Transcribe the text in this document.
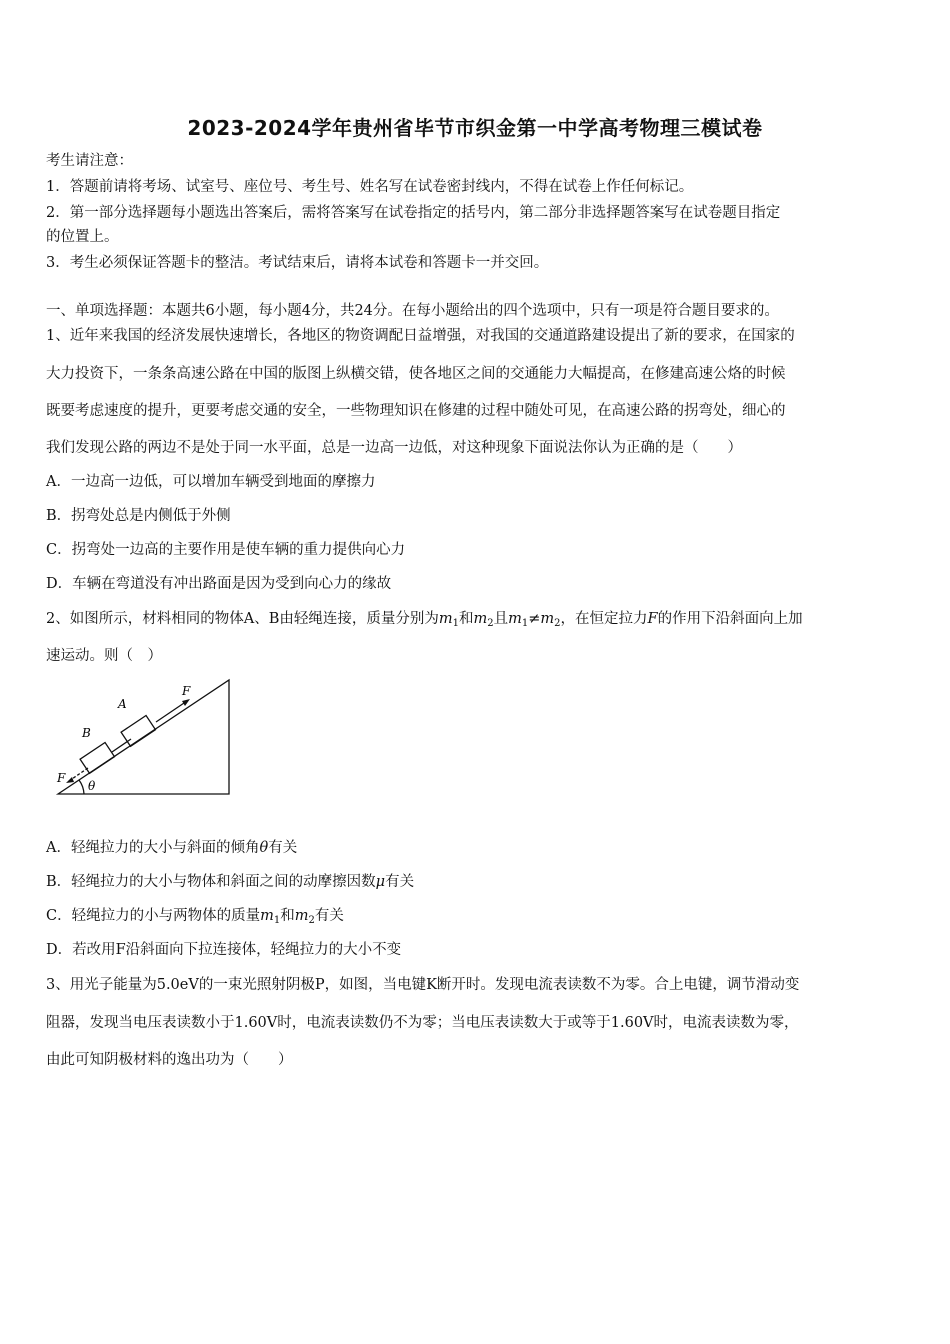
2023-2024学年贵州省毕节市织金第一中学高考物理三模试卷
考生请注意：
1．答题前请将考场、试室号、座位号、考生号、姓名写在试卷密封线内，不得在试卷上作任何标记。
2．第一部分选择题每小题选出答案后，需将答案写在试卷指定的括号内，第二部分非选择题答案写在试卷题目指定
的位置上。
3．考生必须保证答题卡的整洁。考试结束后，请将本试卷和答题卡一并交回。
一、单项选择题：本题共6小题，每小题4分，共24分。在每小题给出的四个选项中，只有一项是符合题目要求的。
1、近年来我国的经济发展快速增长，各地区的物资调配日益增强，对我国的交通道路建设提出了新的要求，在国家的
大力投资下，一条条高速公路在中国的版图上纵横交错，使各地区之间的交通能力大幅提高，在修建高速公烙的时候
既要考虑速度的提升，更要考虑交通的安全，一些物理知识在修建的过程中随处可见，在高速公路的拐弯处，细心的
我们发现公路的两边不是处于同一水平面，总是一边高一边低，对这种现象下面说法你认为正确的是（　　）
A．一边高一边低，可以增加车辆受到地面的摩擦力
B．拐弯处总是内侧低于外侧
C．拐弯处一边高的主要作用是使车辆的重力提供向心力
D．车辆在弯道没有冲出路面是因为受到向心力的缘故
2、如图所示，材料相同的物体A、B由轻绳连接，质量分别为$m_1$和$m_2$且$m_1\ne m_2$，在恒定拉力F的作用下沿斜面向上加
速运动。则（　）
A
B
F
F
θ
A．轻绳拉力的大小与斜面的倾角θ有关
B．轻绳拉力的大小与物体和斜面之间的动摩擦因数μ有关
C．轻绳拉力的小与两物体的质量$m_1$和$m_2$有关
D．若改用F沿斜面向下拉连接体，轻绳拉力的大小不变
3、用光子能量为5.0eV的一束光照射阴极P，如图，当电键K断开时。发现电流表读数不为零。合上电键，调节滑动变
阻器，发现当电压表读数小于1.60V时，电流表读数仍不为零；当电压表读数大于或等于1.60V时，电流表读数为零，
由此可知阴极材料的逸出功为（　　）
